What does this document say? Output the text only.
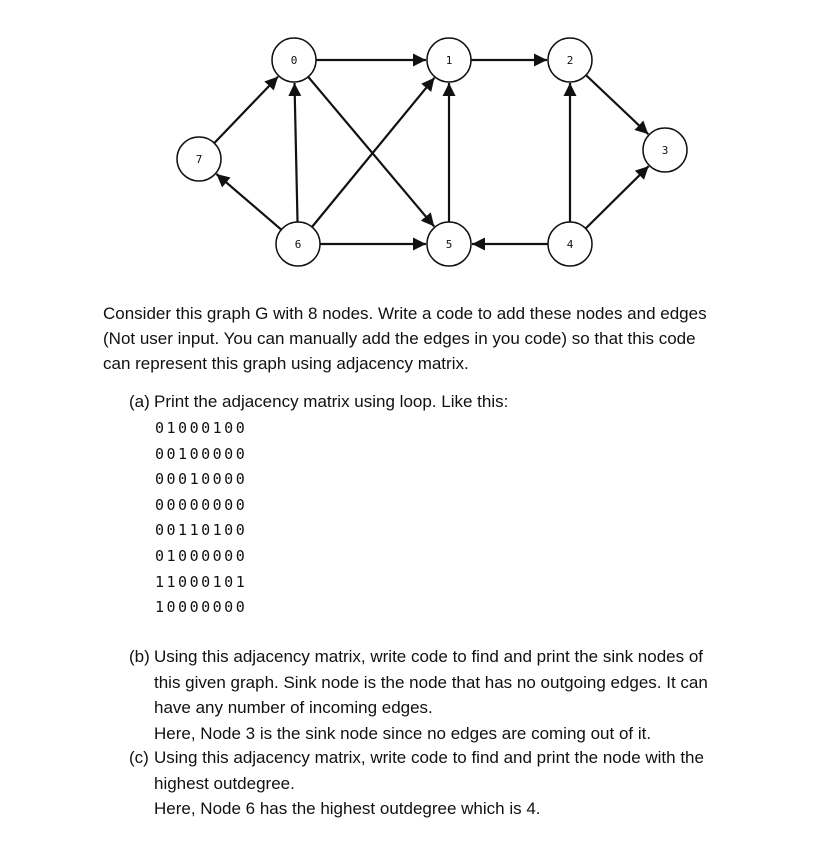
0	1	2
3
4
5
6
7

Consider this graph G with 8 nodes. Write a code to add these nodes and edges

(Not user input. You can manually add the edges in you code) so that this code

can represent this graph using adjacency matrix.

(a) Print the adjacency matrix using loop. Like this:
01000100
00100000
00010000
00000000
00110100
01000000
11000101
10000000
(b) Using this adjacency matrix, write code to find and print the sink nodes of
this given graph. Sink node is the node that has no outgoing edges. It can
have any number of incoming edges.
Here, Node 3 is the sink node since no edges are coming out of it.
(c) Using this adjacency matrix, write code to find and print the node with the
highest outdegree.
Here, Node 6 has the highest outdegree which is 4.
